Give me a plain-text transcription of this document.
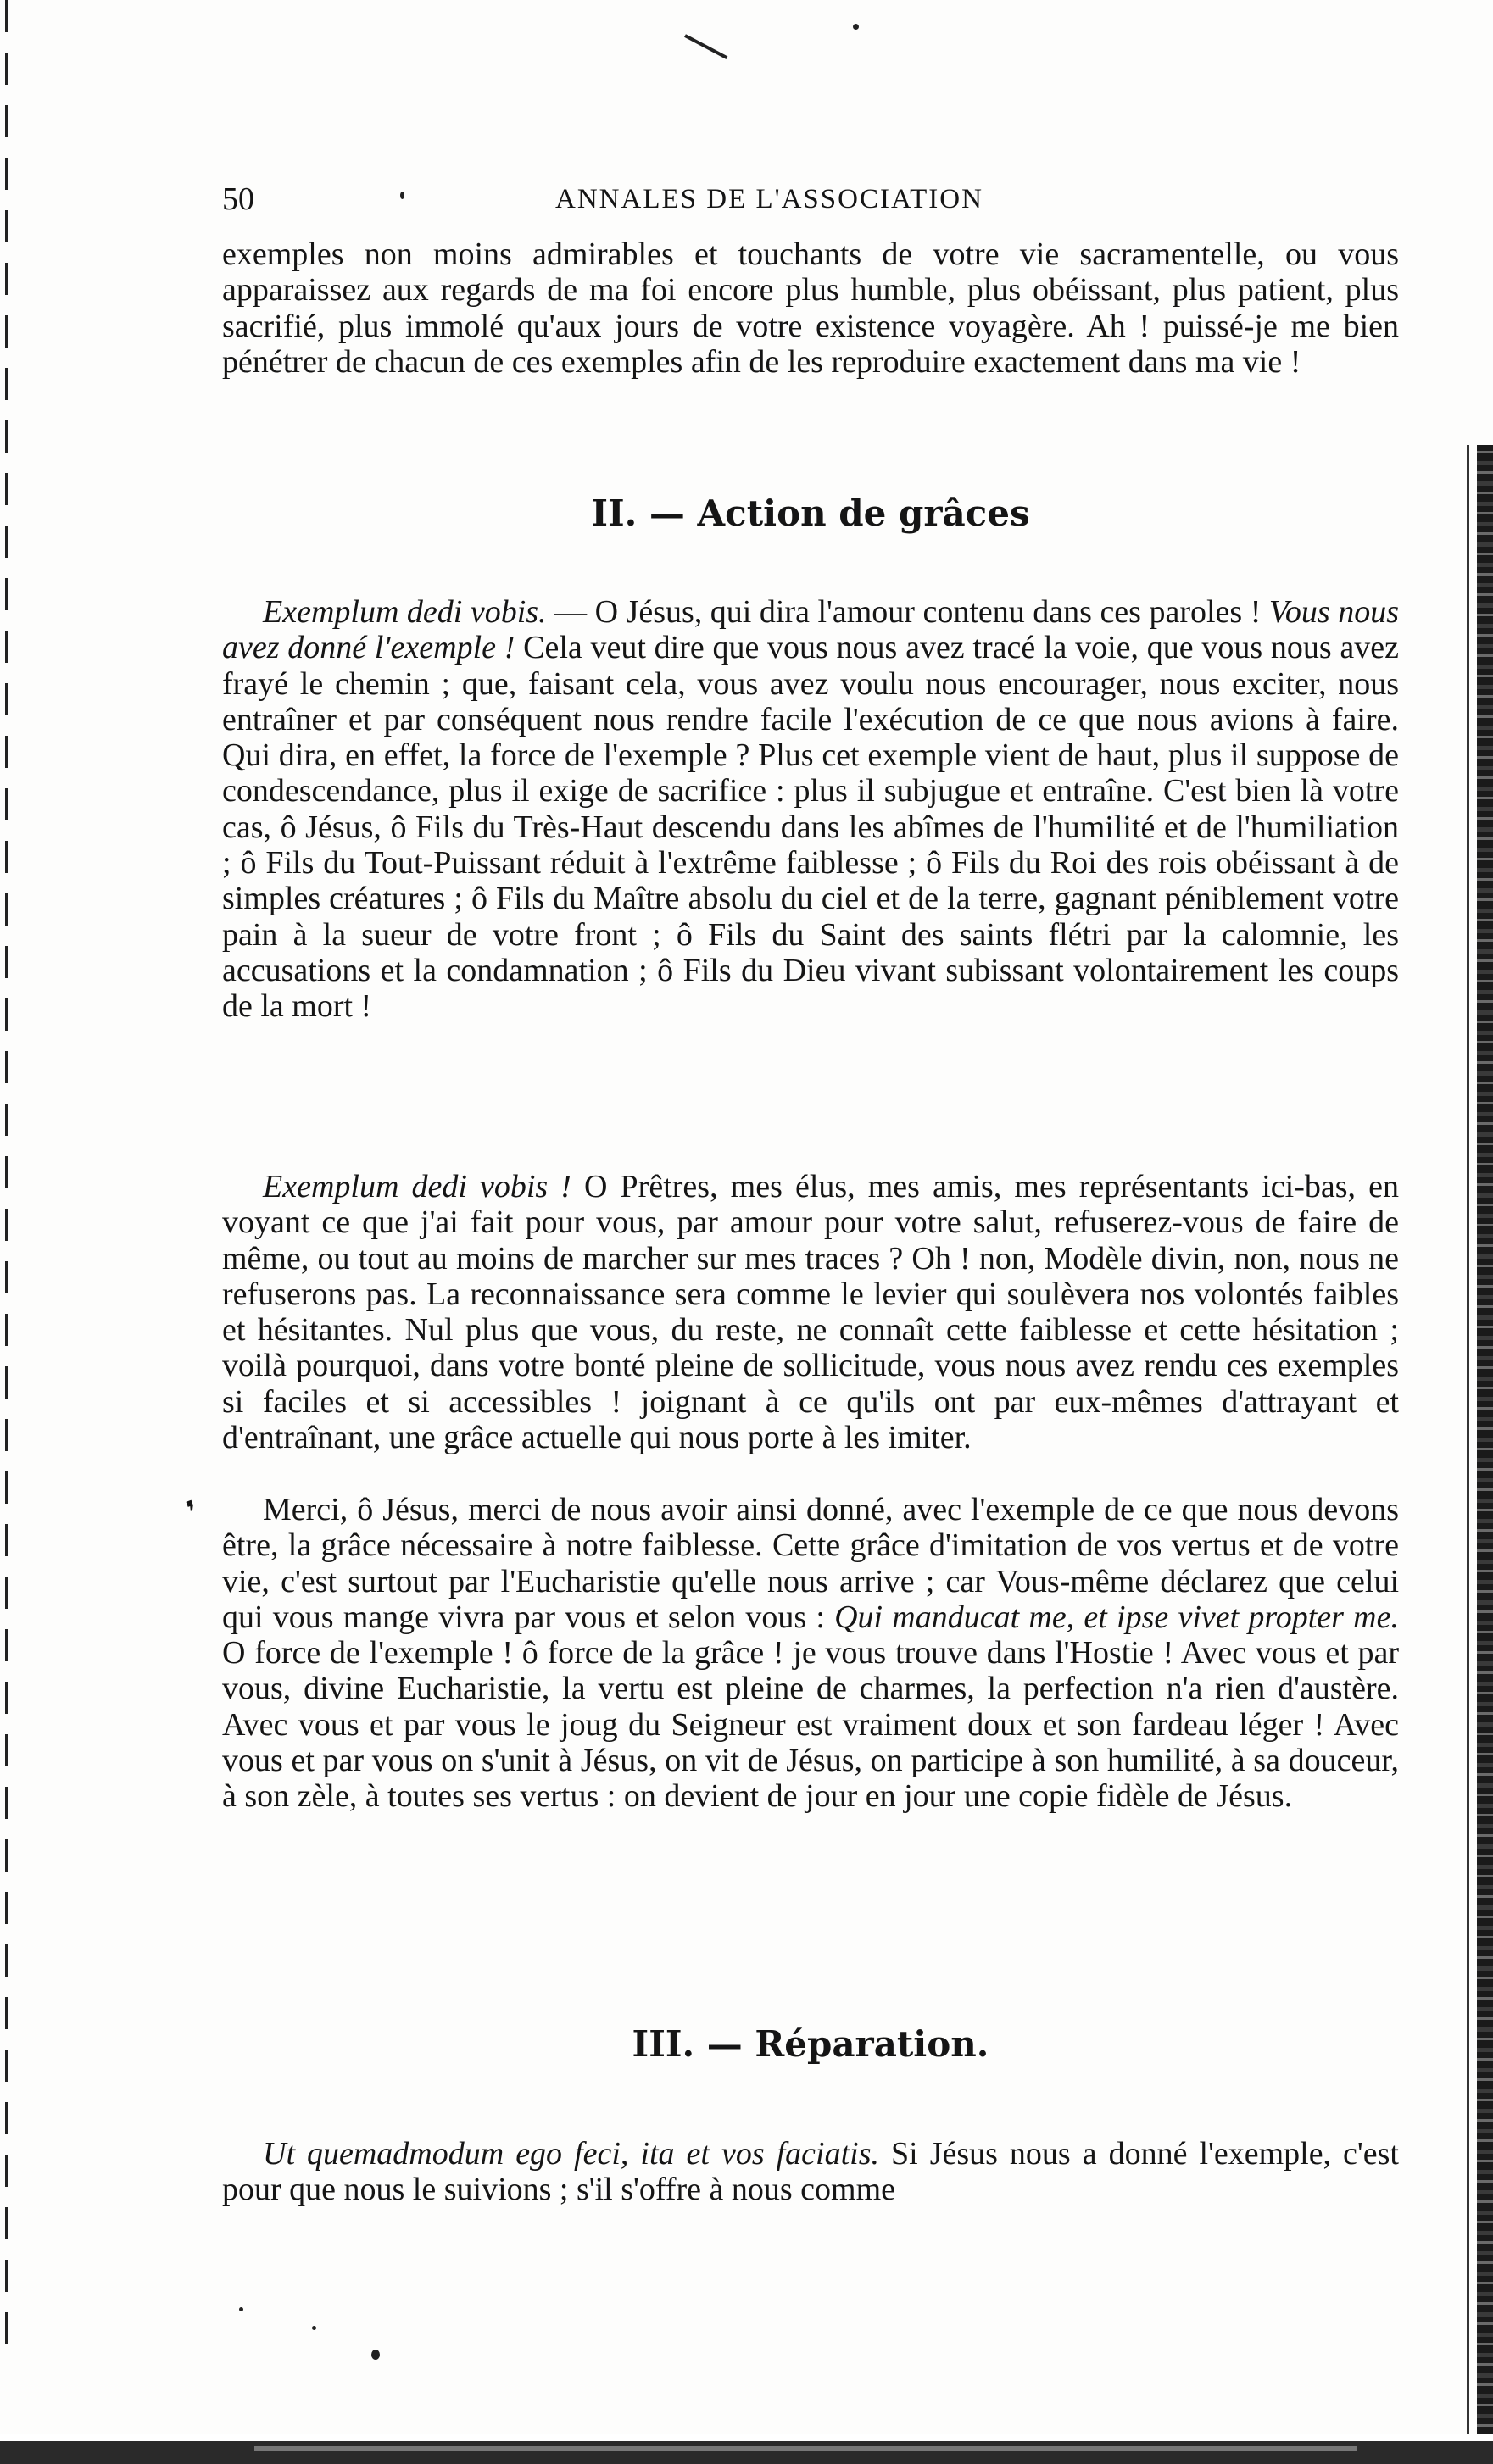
50	ANNALES DE L'ASSOCIATION

exemples non moins admirables et touchants de votre vie sacramentelle, ou vous apparaissez aux regards de ma foi encore plus humble, plus obéissant, plus patient, plus sacrifié, plus immolé qu'aux jours de votre existence voyagère. Ah ! puissé-je me bien pénétrer de chacun de ces exemples afin de les reproduire exactement dans ma vie !

II. — Action de grâces

Exemplum dedi vobis. — O Jésus, qui dira l'amour contenu dans ces paroles ! Vous nous avez donné l'exemple ! Cela veut dire que vous nous avez tracé la voie, que vous nous avez frayé le chemin ; que, faisant cela, vous avez voulu nous encourager, nous exciter, nous entraîner et par conséquent nous rendre facile l'exécution de ce que nous avions à faire. Qui dira, en effet, la force de l'exemple ? Plus cet exemple vient de haut, plus il suppose de condescendance, plus il exige de sacrifice : plus il subjugue et entraîne. C'est bien là votre cas, ô Jésus, ô Fils du Très-Haut descendu dans les abîmes de l'humilité et de l'humiliation ; ô Fils du Tout-Puissant réduit à l'extrême faiblesse ; ô Fils du Roi des rois obéissant à de simples créatures ; ô Fils du Maître absolu du ciel et de la terre, gagnant péniblement votre pain à la sueur de votre front ; ô Fils du Saint des saints flétri par la calomnie, les accusations et la condamnation ; ô Fils du Dieu vivant subissant volontairement les coups de la mort !

Exemplum dedi vobis ! O Prêtres, mes élus, mes amis, mes représentants ici-bas, en voyant ce que j'ai fait pour vous, par amour pour votre salut, refuserez-vous de faire de même, ou tout au moins de marcher sur mes traces ? Oh ! non, Modèle divin, non, nous ne refuserons pas. La reconnaissance sera comme le levier qui soulèvera nos volontés faibles et hésitantes. Nul plus que vous, du reste, ne connaît cette faiblesse et cette hésitation ; voilà pourquoi, dans votre bonté pleine de sollicitude, vous nous avez rendu ces exemples si faciles et si accessibles ! joignant à ce qu'ils ont par eux-mêmes d'attrayant et d'entraînant, une grâce actuelle qui nous porte à les imiter.

❜	Merci, ô Jésus, merci de nous avoir ainsi donné, avec l'exemple de ce que nous devons être, la grâce nécessaire à notre faiblesse. Cette grâce d'imitation de vos vertus et de votre vie, c'est surtout par l'Eucharistie qu'elle nous arrive ; car Vous-même déclarez que celui qui vous mange vivra par vous et selon vous : Qui manducat me, et ipse vivet propter me. O force de l'exemple ! ô force de la grâce ! je vous trouve dans l'Hostie ! Avec vous et par vous, divine Eucharistie, la vertu est pleine de charmes, la perfection n'a rien d'austère. Avec vous et par vous le joug du Seigneur est vraiment doux et son fardeau léger ! Avec vous et par vous on s'unit à Jésus, on vit de Jésus, on participe à son humilité, à sa douceur, à son zèle, à toutes ses vertus : on devient de jour en jour une copie fidèle de Jésus.

III. — Réparation.

Ut quemadmodum ego feci, ita et vos faciatis. Si Jésus nous a donné l'exemple, c'est pour que nous le suivions ; s'il s'offre à nous comme
